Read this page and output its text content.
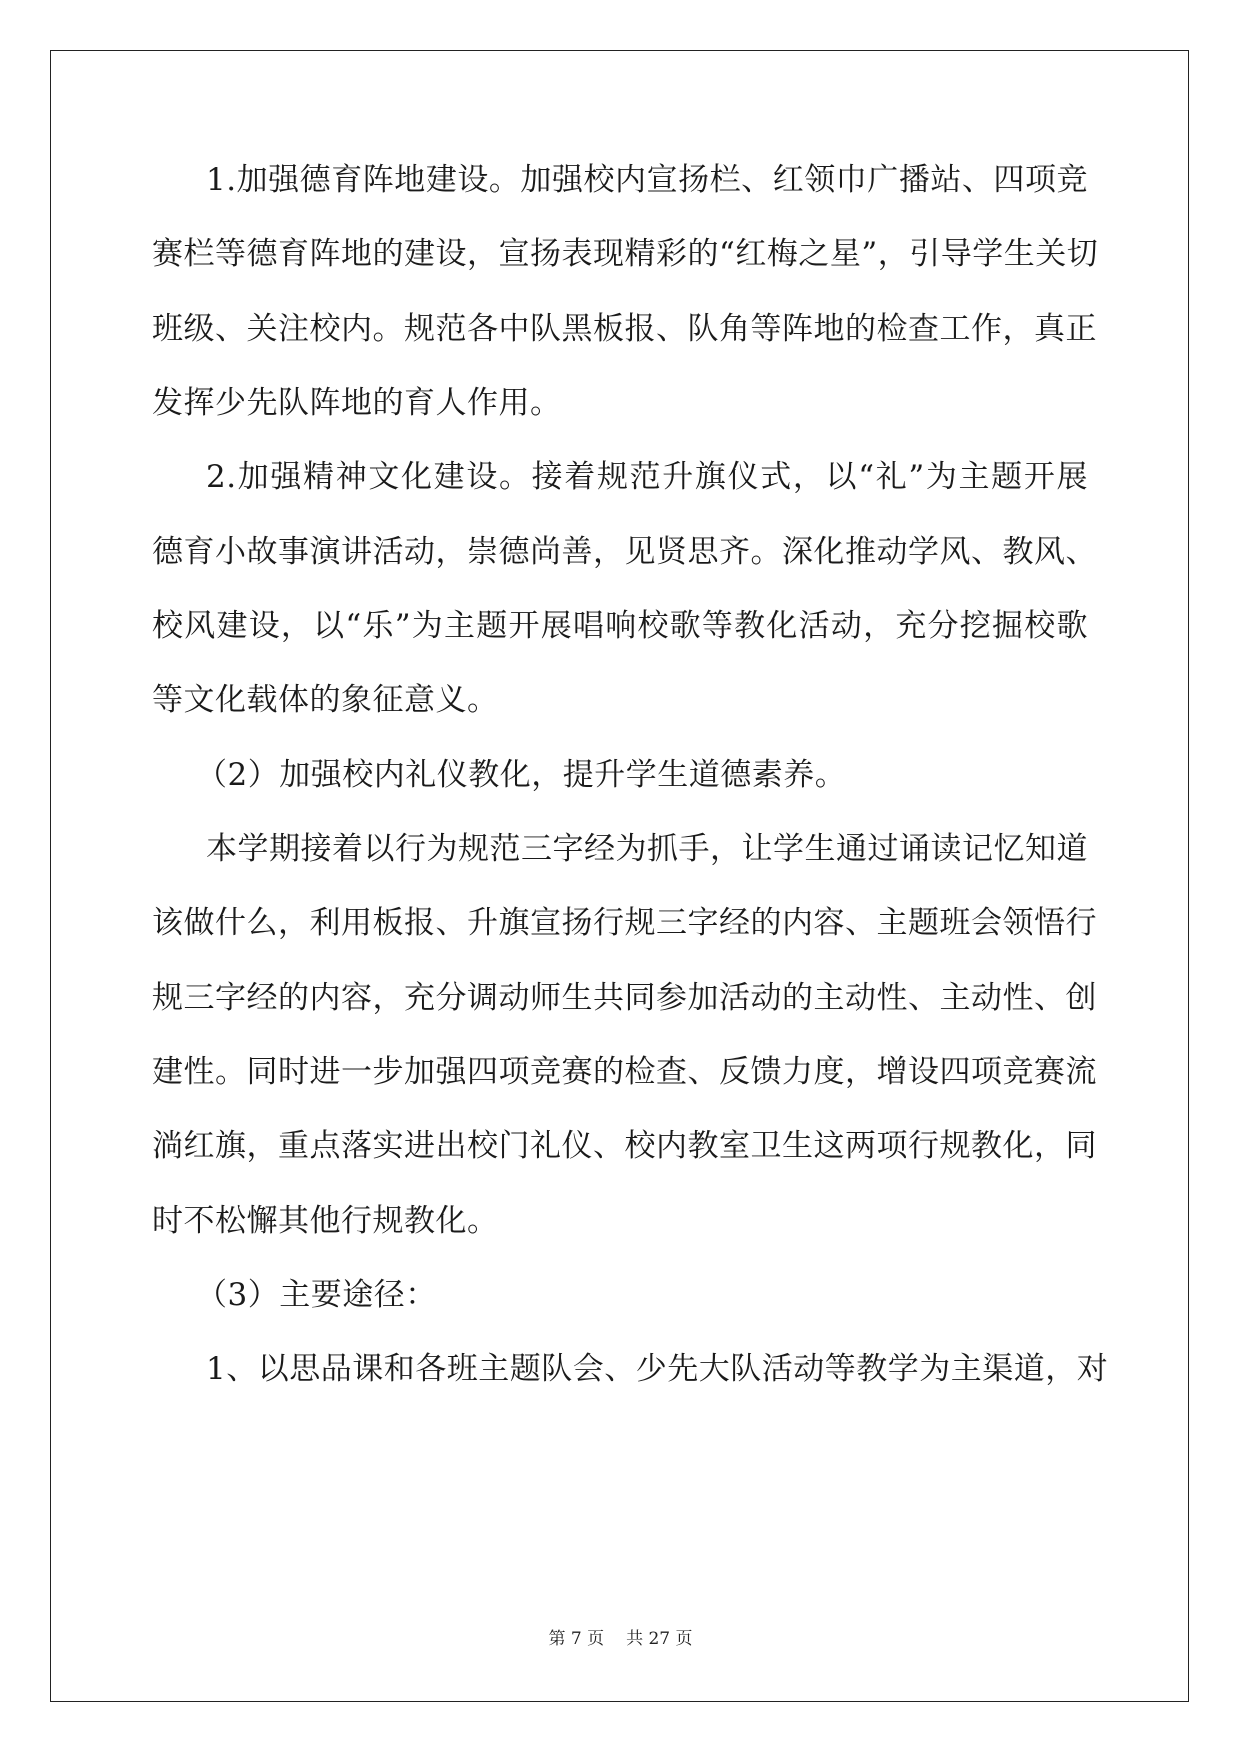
1.加强德育阵地建设。加强校内宣扬栏、红领巾广播站、四项竞
赛栏等德育阵地的建设，宣扬表现精彩的“红梅之星”，引导学生关切
班级、关注校内。规范各中队黑板报、队角等阵地的检查工作，真正
发挥少先队阵地的育人作用。
2.加强精神文化建设。接着规范升旗仪式，以“礼”为主题开展
德育小故事演讲活动，崇德尚善，见贤思齐。深化推动学风、教风、
校风建设，以“乐”为主题开展唱响校歌等教化活动，充分挖掘校歌
等文化载体的象征意义。
（2）加强校内礼仪教化，提升学生道德素养。
本学期接着以行为规范三字经为抓手，让学生通过诵读记忆知道
该做什么，利用板报、升旗宣扬行规三字经的内容、主题班会领悟行
规三字经的内容，充分调动师生共同参加活动的主动性、主动性、创
建性。同时进一步加强四项竞赛的检查、反馈力度，增设四项竞赛流
淌红旗，重点落实进出校门礼仪、校内教室卫生这两项行规教化，同
时不松懈其他行规教化。
（3）主要途径：
1、以思品课和各班主题队会、少先大队活动等教学为主渠道，对
第 7 页 共 27 页
